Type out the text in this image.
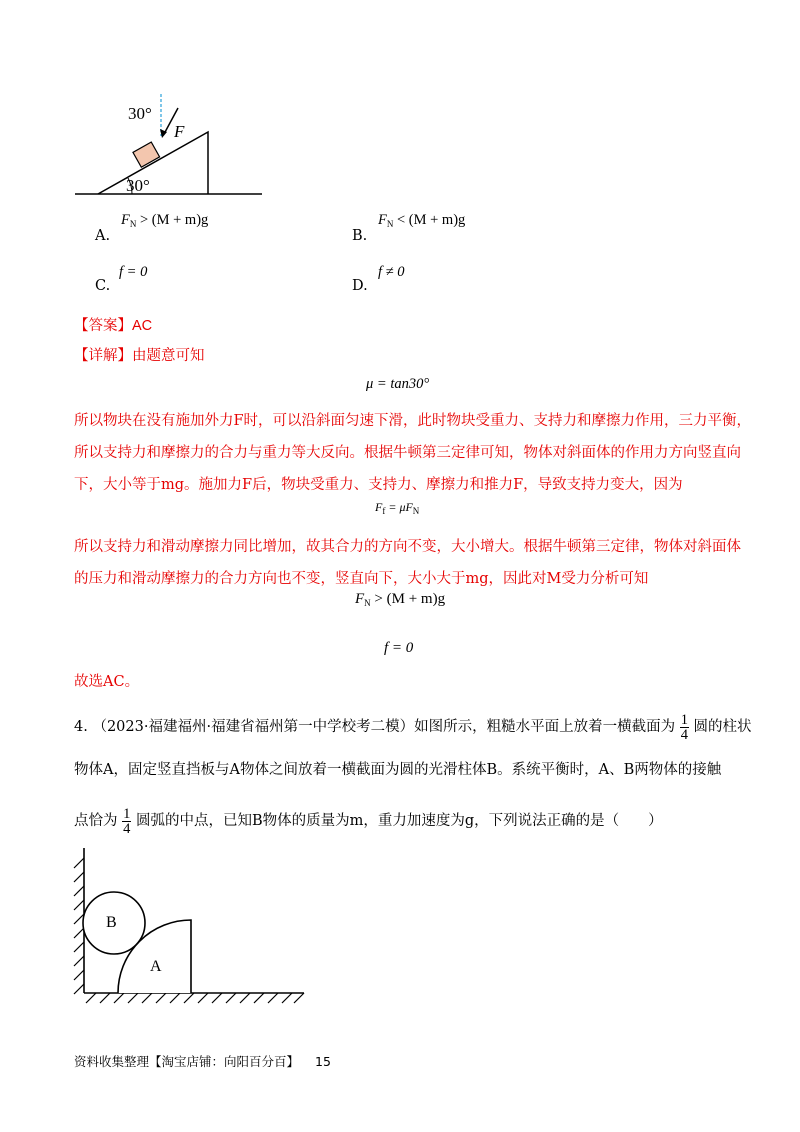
30°
F
30°
A.
$F_N > (M + m)g$
B.
$F_N < (M + m)g$
C.
f = 0
D.
f ≠ 0
【答案】AC
【详解】由题意可知
μ = tan30°
所以物块在没有施加外力F时，可以沿斜面匀速下滑，此时物块受重力、支持力和摩擦力作用，三力平衡，
所以支持力和摩擦力的合力与重力等大反向。根据牛顿第三定律可知，物体对斜面体的作用力方向竖直向
下，大小等于mg。施加力F后，物块受重力、支持力、摩擦力和推力F，导致支持力变大，因为
$F_f = \mu F_N$
所以支持力和滑动摩擦力同比增加，故其合力的方向不变，大小增大。根据牛顿第三定律，物体对斜面体
的压力和滑动摩擦力的合力方向也不变，竖直向下，大小大于mg，因此对M受力分析可知
$F_N > (M + m)g$
f = 0
故选AC。
4. （2023·福建福州·福建省福州第一中学校考二模）如图所示，粗糙水平面上放着一横截面为 $\frac{1}{4}$ 圆的柱状
物体A，固定竖直挡板与A物体之间放着一横截面为圆的光滑柱体B。系统平衡时，A、B两物体的接触
点恰为 $\frac{1}{4}$ 圆弧的中点，已知B物体的质量为m，重力加速度为g，下列说法正确的是（　　）
B
A
资料收集整理【淘宝店铺：向阳百分百】 15
